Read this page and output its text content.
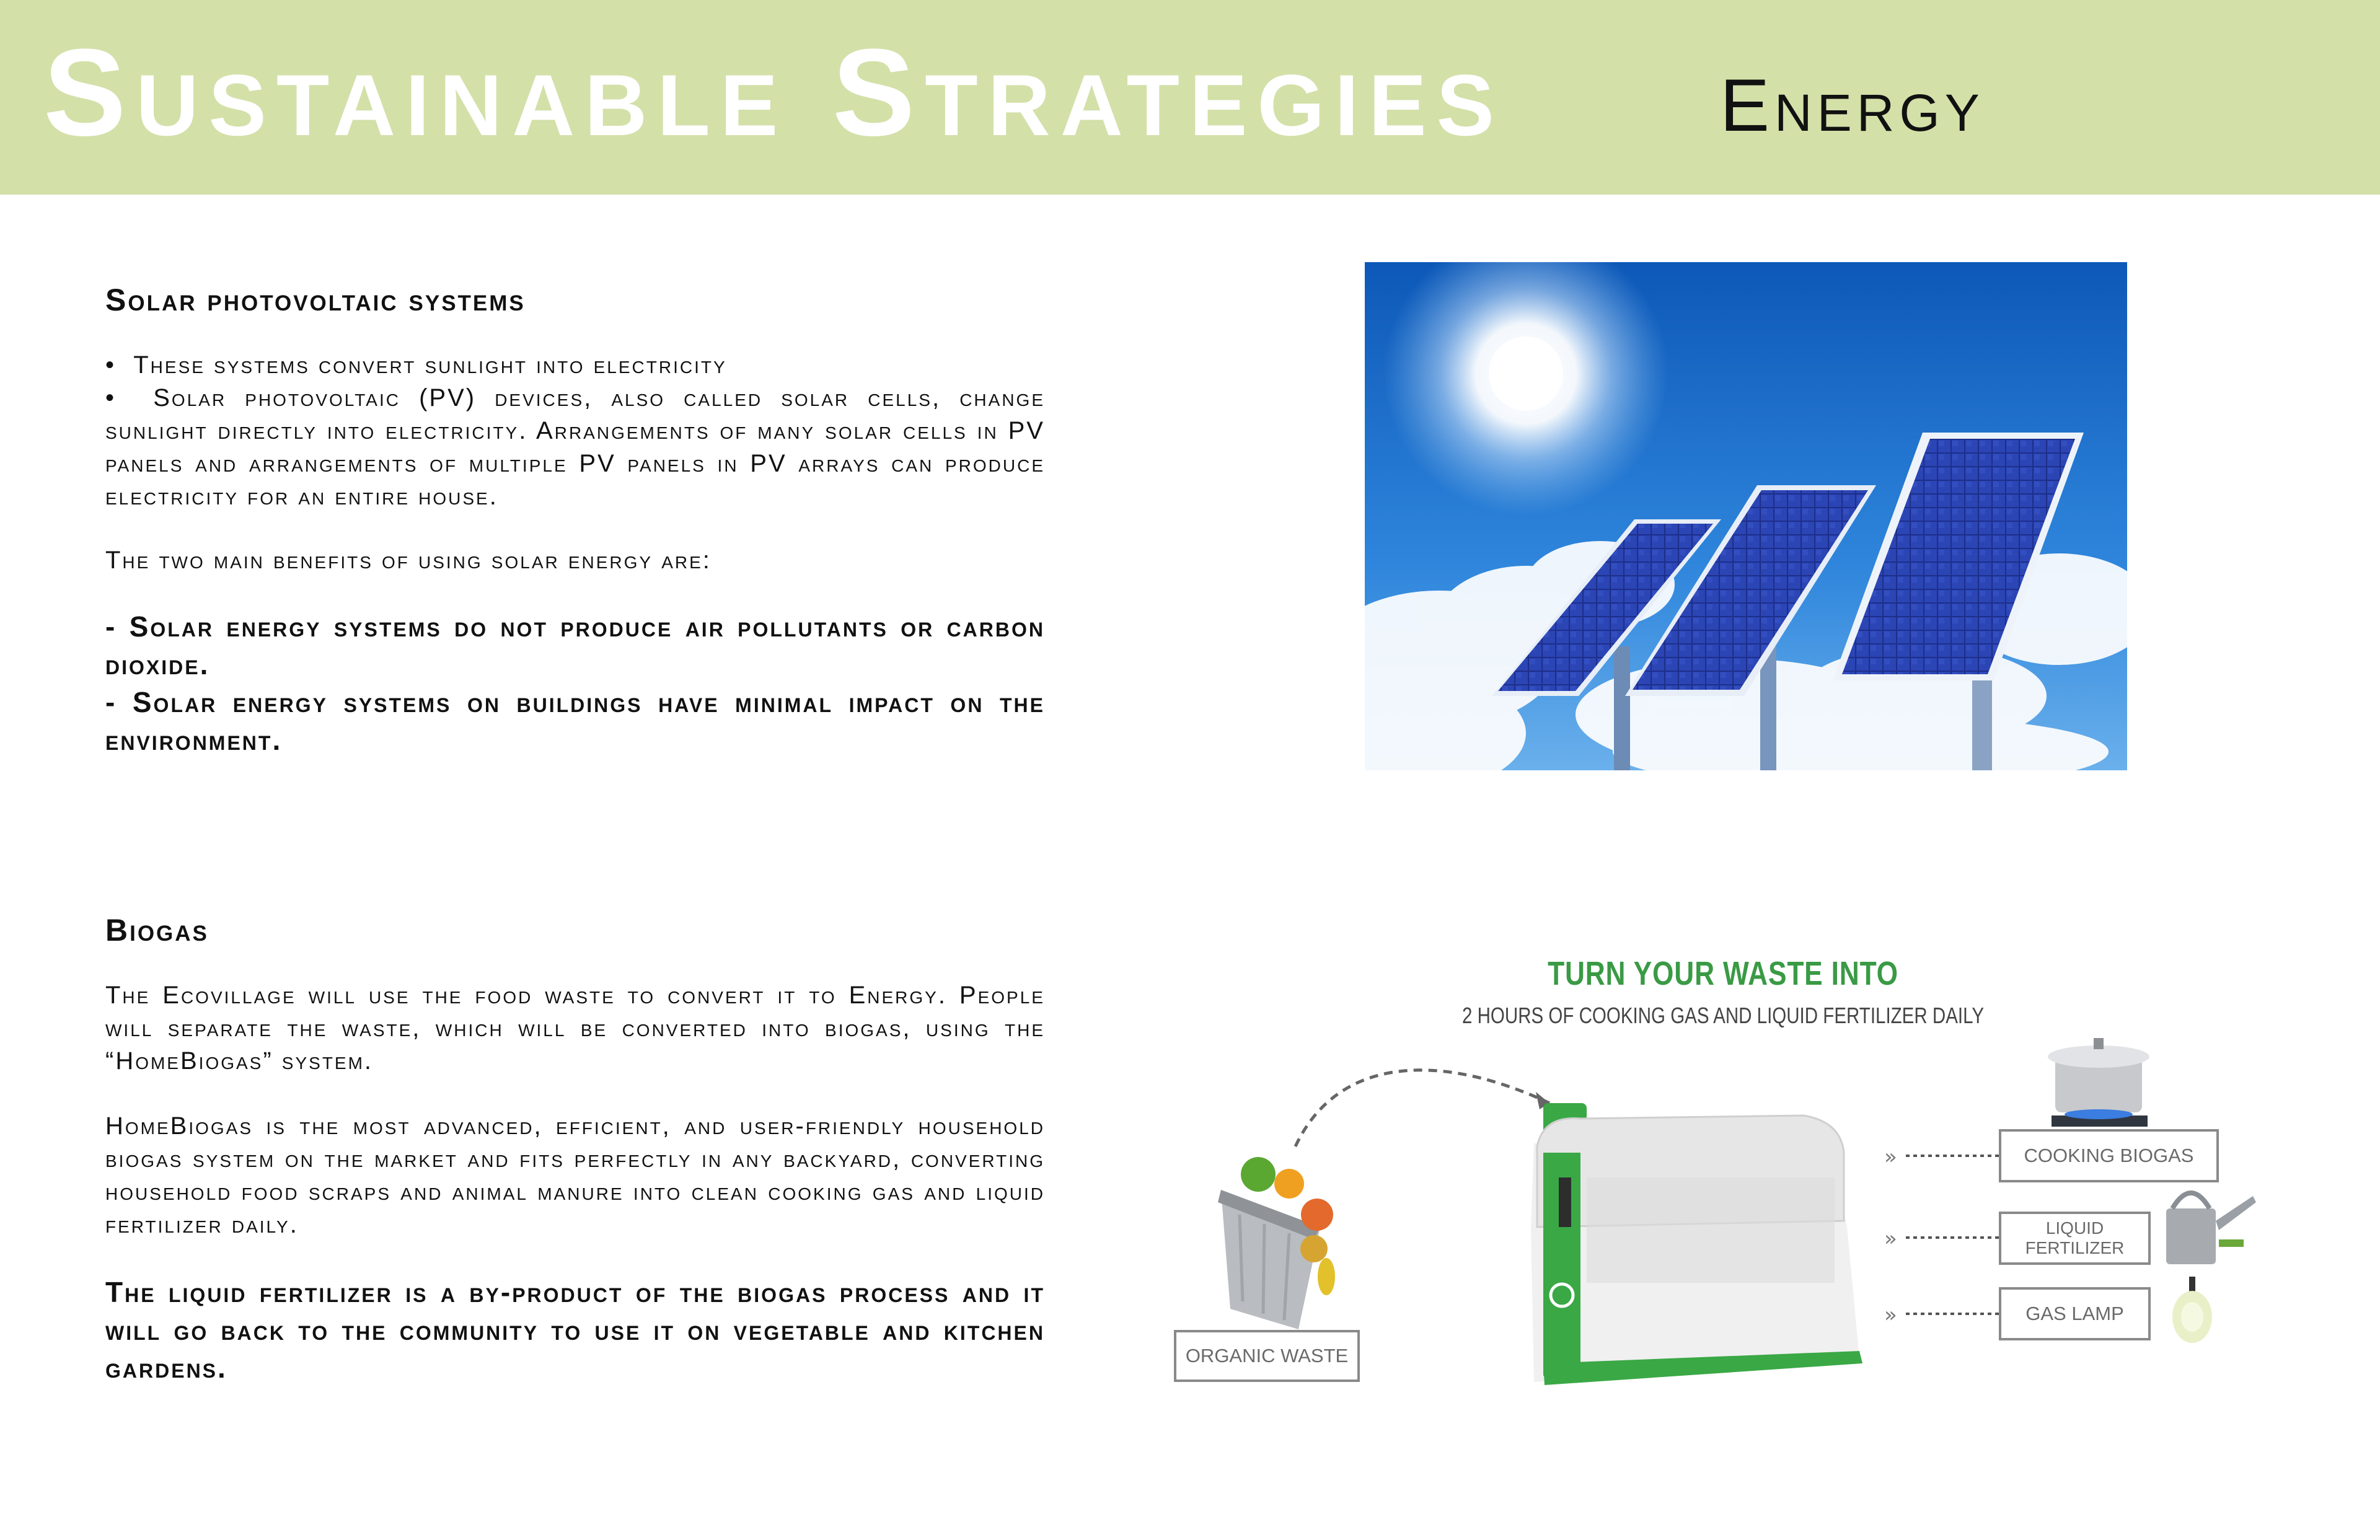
Sustainable Strategies	Energy

Solar photovoltaic systems

•  These systems convert sunlight into electricity
•  Solar photovoltaic (PV) devices, also called solar cells, change sunlight directly into electricity. Arrangements of many solar cells in PV panels and arrangements of multiple PV panels in PV arrays can produce electricity for an entire house.

The two main benefits of using solar energy are:

- Solar energy systems do not produce air pollutants or carbon dioxide.

- Solar energy systems on buildings have minimal impact on the environment.

Biogas

The Ecovillage will use the food waste to convert it to Energy. People will separate the waste, which will be converted into biogas, using the “HomeBiogas” system.

HomeBiogas is the most advanced, efficient, and user-friendly household biogas system on the market and fits perfectly in any backyard, converting household food scraps and animal manure into clean cooking gas and liquid fertilizer daily.

The liquid fertilizer is a by-product of the biogas process and it will go back to the community to use it on vegetable and kitchen gardens.

TURN YOUR WASTE INTO
2 HOURS OF COOKING GAS AND LIQUID FERTILIZER DAILY
»
»
»
ORGANIC WASTE
COOKING BIOGAS
LIQUID FERTILIZER
GAS LAMP
